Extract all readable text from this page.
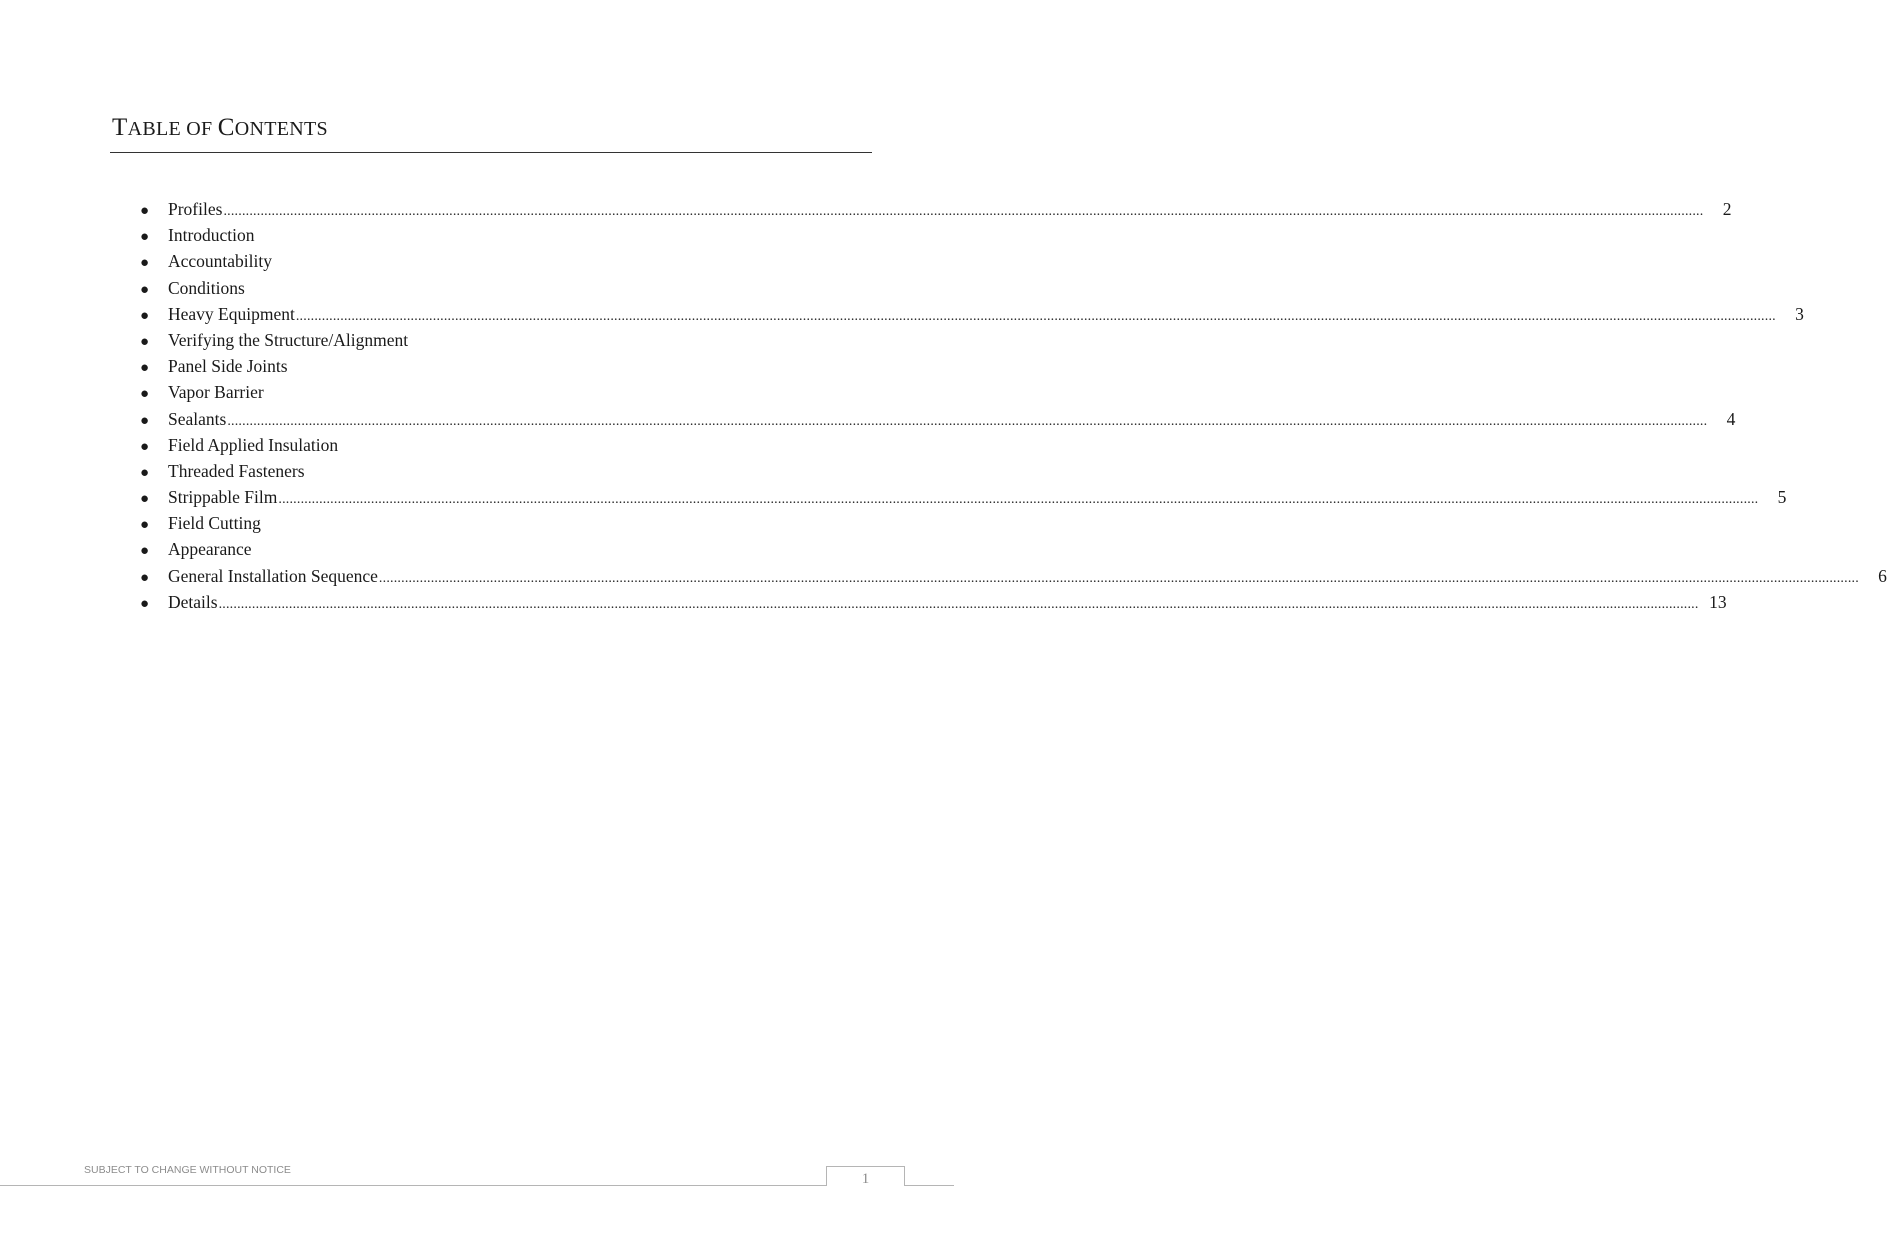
TABLE OF CONTENTS
●	Profiles ................................................................................................................................................................................................................................................................................................................................................................................................................	2
●	Introduction
●	Accountability
●	Conditions
●	Heavy Equipment ................................................................................................................................................................................................................................................................................................................................................................................................................	3
●	Verifying the Structure/Alignment
●	Panel Side Joints
●	Vapor Barrier
●	Sealants ................................................................................................................................................................................................................................................................................................................................................................................................................	4
●	Field Applied Insulation
●	Threaded Fasteners
●	Strippable Film ................................................................................................................................................................................................................................................................................................................................................................................................................	5
●	Field Cutting
●	Appearance
●	General Installation Sequence ................................................................................................................................................................................................................................................................................................................................................................................................................	6
●	Details ................................................................................................................................................................................................................................................................................................................................................................................................................ 13
SUBJECT TO CHANGE WITHOUT NOTICE
1
